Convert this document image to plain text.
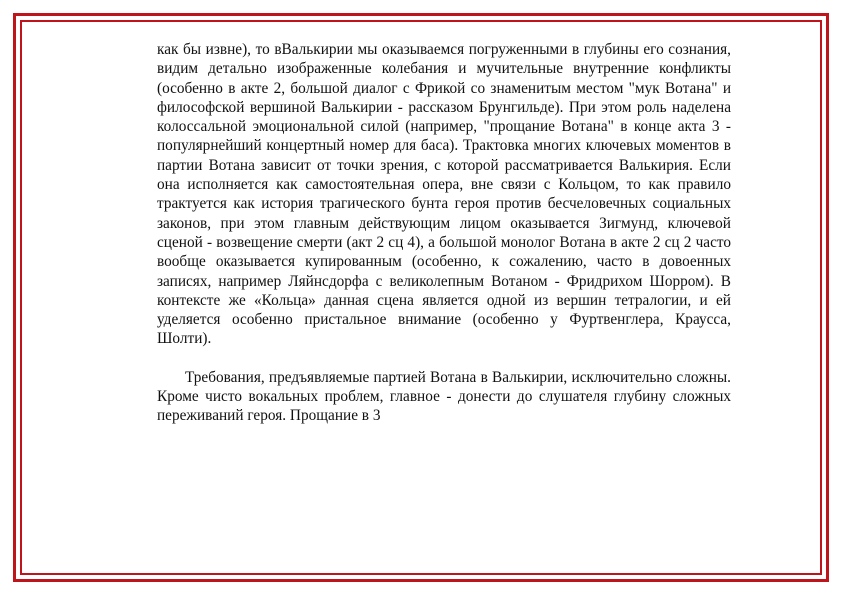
как бы извне), то вВалькирии мы оказываемся погруженными в глубины его сознания, видим детально изображенные колебания и мучительные внутренние конфликты (особенно в акте 2, большой диалог с Фрикой со знаменитым местом "мук Вотана" и философской вершиной Валькирии - рассказом Брунгильде). При этом роль наделена колоссальной эмоциональной силой (например, "прощание Вотана" в конце акта 3 - популярнейший концертный номер для баса). Трактовка многих ключевых моментов в партии Вотана зависит от точки зрения, с которой рассматривается Валькирия. Если она исполняется как самостоятельная опера, вне связи с Кольцом, то как правило трактуется как история трагического бунта героя против бесчеловечных социальных законов, при этом главным действующим лицом оказывается Зигмунд, ключевой сценой - возвещение смерти (акт 2 сц 4), а большой монолог Вотана в акте 2 сц 2 часто вообще оказывается купированным (особенно, к сожалению, часто в довоенных записях, например Ляйнсдорфа с великолепным Вотаном - Фридрихом Шорром). В контексте же «Кольца» данная сцена является одной из вершин тетралогии, и ей уделяется особенно пристальное внимание (особенно у Фуртвенглера, Краусса, Шолти).

Требования, предъявляемые партией Вотана в Валькирии, исключительно сложны. Кроме чисто вокальных проблем, главное - донести до слушателя глубину сложных переживаний героя. Прощание в 3
